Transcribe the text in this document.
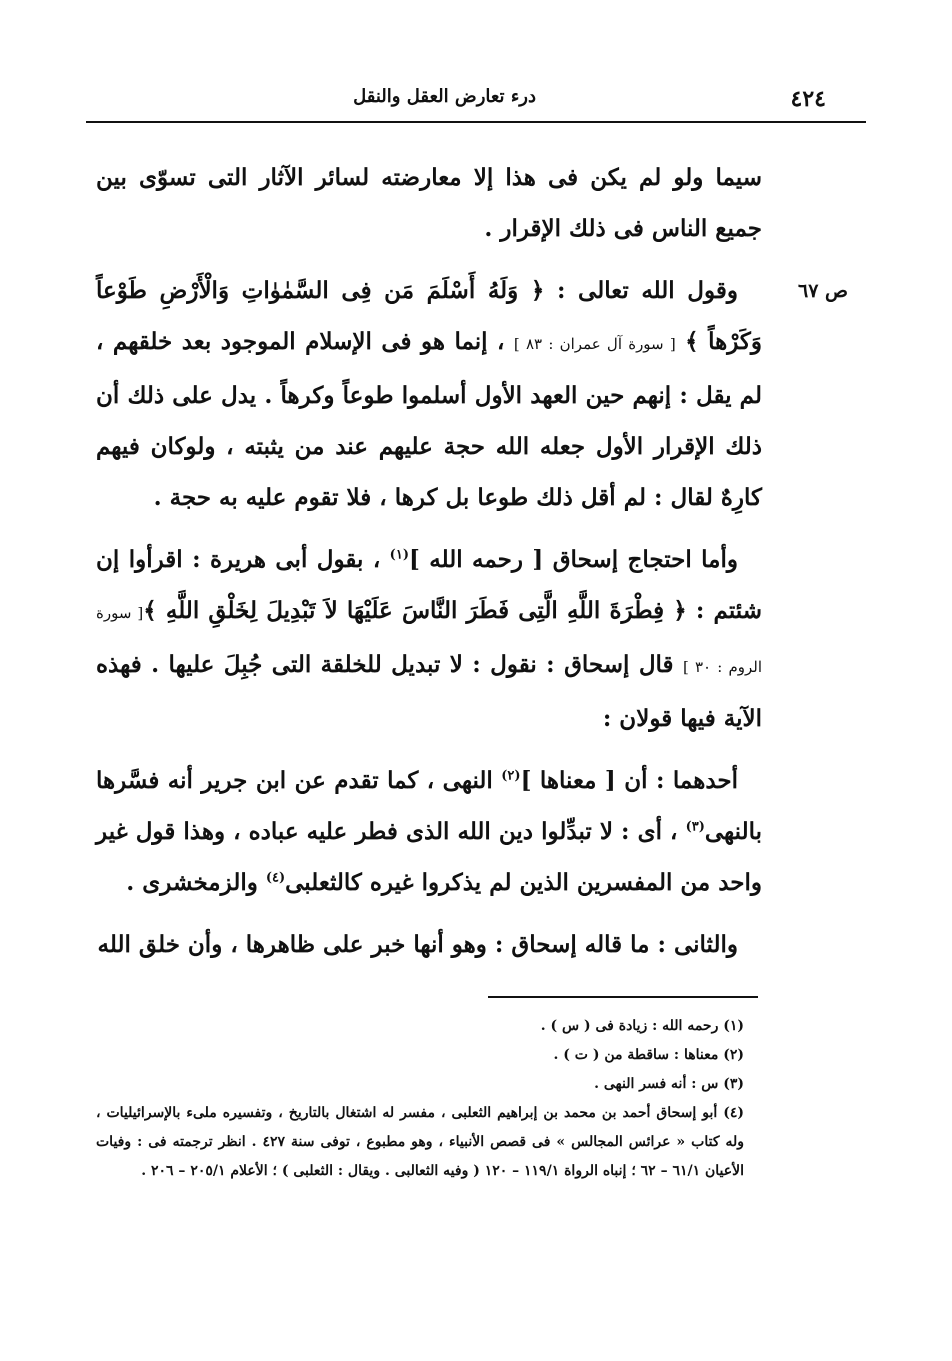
٤٢٤
درء تعارض العقل والنقل
ص ٦٧

سيما ولو لم يكن فى هذا إلا معارضته لسائر الآثار التى تسوّى بين جميع الناس فى ذلك الإقرار .

وقول الله تعالى : ﴿ وَلَهُ أَسْلَمَ مَن فِى السَّمٰوٰاتِ وَالْأَرْضِ طَوْعاً وَكَرْهاً ﴾ [ سورة آل عمران : ٨٣ ] ، إنما هو فى الإسلام الموجود بعد خلقهم ، لم يقل : إنهم حين العهد الأول أسلموا طوعاً وكرهاً . يدل على ذلك أن ذلك الإقرار الأول جعله الله حجة عليهم عند من يثبته ، ولوكان فيهم كارِهٌ لقال : لم أقل ذلك طوعا بل كرها ، فلا تقوم عليه به حجة .

وأما احتجاج إسحاق [ رحمه الله ]$^{(١)}$ ، بقول أبى هريرة : اقرأوا إن شئتم : ﴿ فِطْرَةَ اللَّهِ الَّتِى فَطَرَ النَّاسَ عَلَيْهَا لاَ تَبْدِيلَ لِخَلْقِ اللَّهِ ﴾[ سورة الروم : ٣٠ ] قال إسحاق : نقول : لا تبديل للخلقة التى جُبِلَ عليها . فهذه الآية فيها قولان :

أحدهما : أن [ معناها ]$^{(٢)}$ النهى ، كما تقدم عن ابن جرير أنه فسَّرها بالنهى$^{(٣)}$ ، أى : لا تبدِّلوا دين الله الذى فطر عليه عباده ، وهذا قول غير واحد من المفسرين الذين لم يذكروا غيره كالثعلبى$^{(٤)}$ والزمخشرى .

والثانى : ما قاله إسحاق : وهو أنها خبر على ظاهرها ، وأن خلق الله

(١) رحمه الله : زيادة فى ( س ) .

(٢) معناها : ساقطة من ( ت ) .

(٣) س : أنه فسر النهى .

(٤) أبو إسحاق أحمد بن محمد بن إبراهيم الثعلبى ، مفسر له اشتغال بالتاريخ ، وتفسيره ملىء بالإسرائيليات ، وله كتاب « عرائس المجالس » فى قصص الأنبياء ، وهو مطبوع ، توفى سنة ٤٢٧ . انظر ترجمته فى : وفيات الأعيان ٦١/١ – ٦٢ ؛ إنباه الرواة ١١٩/١ – ١٢٠ ( وفيه الثعالبى . ويقال : الثعلبى ) ؛ الأعلام ٢٠٥/١ – ٢٠٦ .
